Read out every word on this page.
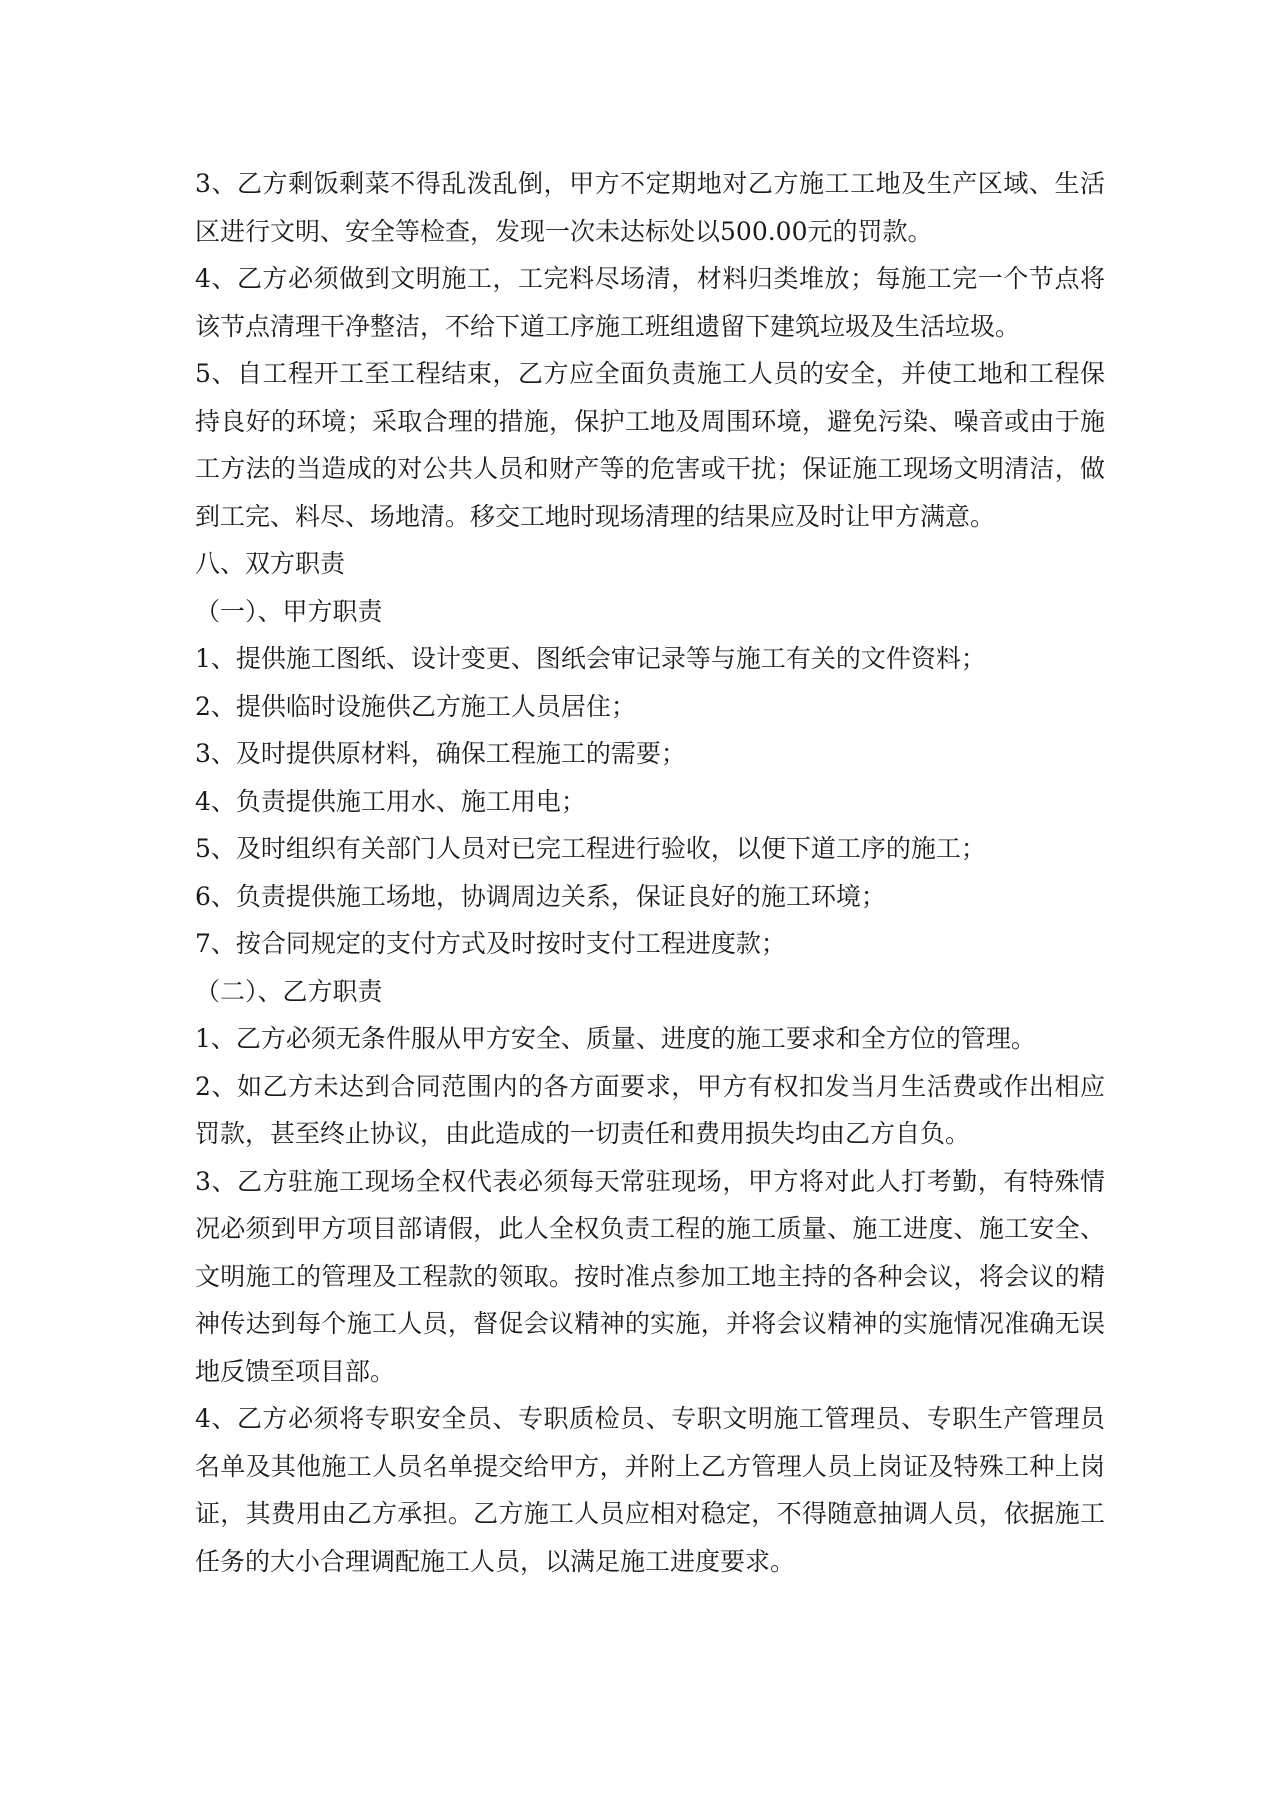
3、乙方剩饭剩菜不得乱泼乱倒，甲方不定期地对乙方施工工地及生产区域、生活区进行文明、安全等检查，发现一次未达标处以500.00元的罚款。

4、乙方必须做到文明施工，工完料尽场清，材料归类堆放；每施工完一个节点将该节点清理干净整洁，不给下道工序施工班组遗留下建筑垃圾及生活垃圾。

5、自工程开工至工程结束，乙方应全面负责施工人员的安全，并使工地和工程保持良好的环境；采取合理的措施，保护工地及周围环境，避免污染、噪音或由于施工方法的当造成的对公共人员和财产等的危害或干扰；保证施工现场文明清洁，做到工完、料尽、场地清。移交工地时现场清理的结果应及时让甲方满意。

八、双方职责

（一）、甲方职责

1、提供施工图纸、设计变更、图纸会审记录等与施工有关的文件资料；

2、提供临时设施供乙方施工人员居住；

3、及时提供原材料，确保工程施工的需要；

4、负责提供施工用水、施工用电；

5、及时组织有关部门人员对已完工程进行验收，以便下道工序的施工；

6、负责提供施工场地，协调周边关系，保证良好的施工环境；

7、按合同规定的支付方式及时按时支付工程进度款；

（二）、乙方职责

1、乙方必须无条件服从甲方安全、质量、进度的施工要求和全方位的管理。

2、如乙方未达到合同范围内的各方面要求，甲方有权扣发当月生活费或作出相应罚款，甚至终止协议，由此造成的一切责任和费用损失均由乙方自负。

3、乙方驻施工现场全权代表必须每天常驻现场，甲方将对此人打考勤，有特殊情况必须到甲方项目部请假，此人全权负责工程的施工质量、施工进度、施工安全、文明施工的管理及工程款的领取。按时准点参加工地主持的各种会议，将会议的精神传达到每个施工人员，督促会议精神的实施，并将会议精神的实施情况准确无误地反馈至项目部。

4、乙方必须将专职安全员、专职质检员、专职文明施工管理员、专职生产管理员名单及其他施工人员名单提交给甲方，并附上乙方管理人员上岗证及特殊工种上岗证，其费用由乙方承担。乙方施工人员应相对稳定，不得随意抽调人员，依据施工任务的大小合理调配施工人员，以满足施工进度要求。
